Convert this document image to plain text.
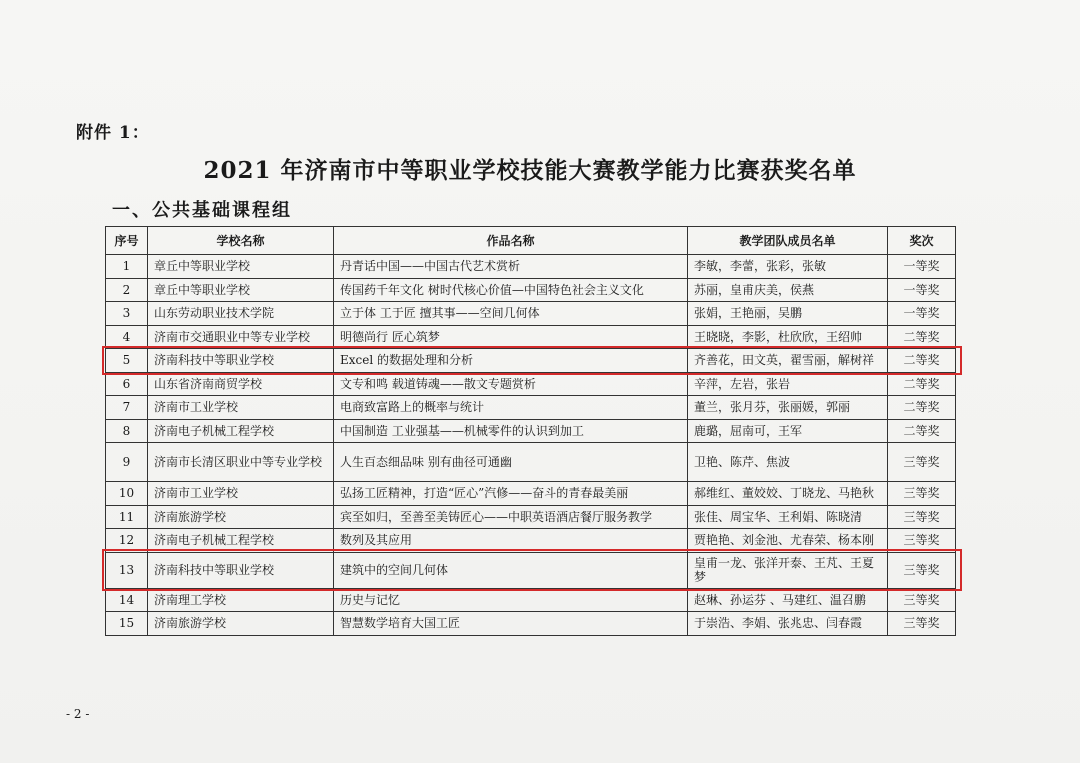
附件 1：
2021 年济南市中等职业学校技能大赛教学能力比赛获奖名单
一、公共基础课程组
序号	学校名称	作品名称	教学团队成员名单	奖次
1	章丘中等职业学校	丹青话中国——中国古代艺术赏析	李敏，李蕾，张彩，张敏	一等奖
2	章丘中等职业学校	传国药千年文化 树时代核心价值—中国特色社会主义文化	苏丽，皇甫庆美，侯燕	一等奖
3	山东劳动职业技术学院	立于体 工于匠 擅其事——空间几何体	张娟，王艳丽，吴鹏	一等奖
4	济南市交通职业中等专业学校	明德尚行 匠心筑梦	王晓晓，李影，杜欣欣，王绍帅	二等奖
5	济南科技中等职业学校	Excel 的数据处理和分析	齐善花，田文英，翟雪丽，解树祥	二等奖
6	山东省济南商贸学校	文专和鸣 载道铸魂——散文专题赏析	辛萍，左岩，张岩	二等奖
7	济南市工业学校	电商致富路上的概率与统计	董兰，张月芬，张丽媛，郭丽	二等奖
8	济南电子机械工程学校	中国制造 工业强基——机械零件的认识到加工	鹿璐，屈南可，王军	二等奖
9	济南市长清区职业中等专业学校	人生百态细品味 别有曲径可通幽	卫艳、陈芹、焦波	三等奖
10	济南市工业学校	弘扬工匠精神，打造“匠心”汽修——奋斗的青春最美丽	郝维红、董姣姣、丁晓龙、马艳秋	三等奖
11	济南旅游学校	宾至如归，至善至美铸匠心——中职英语酒店餐厅服务教学	张佳、周宝华、王利娟、陈晓清	三等奖
12	济南电子机械工程学校	数列及其应用	贾艳艳、刘金池、尤春荣、杨本刚	三等奖
13	济南科技中等职业学校	建筑中的空间几何体	皇甫一龙、张洋开泰、王芃、王夏梦	三等奖
14	济南理工学校	历史与记忆	赵琳、孙运芬 、马建红、温召鹏	三等奖
15	济南旅游学校	智慧数学培育大国工匠	于崇浩、李娟、张兆忠、闫春霞	三等奖
- 2 -
